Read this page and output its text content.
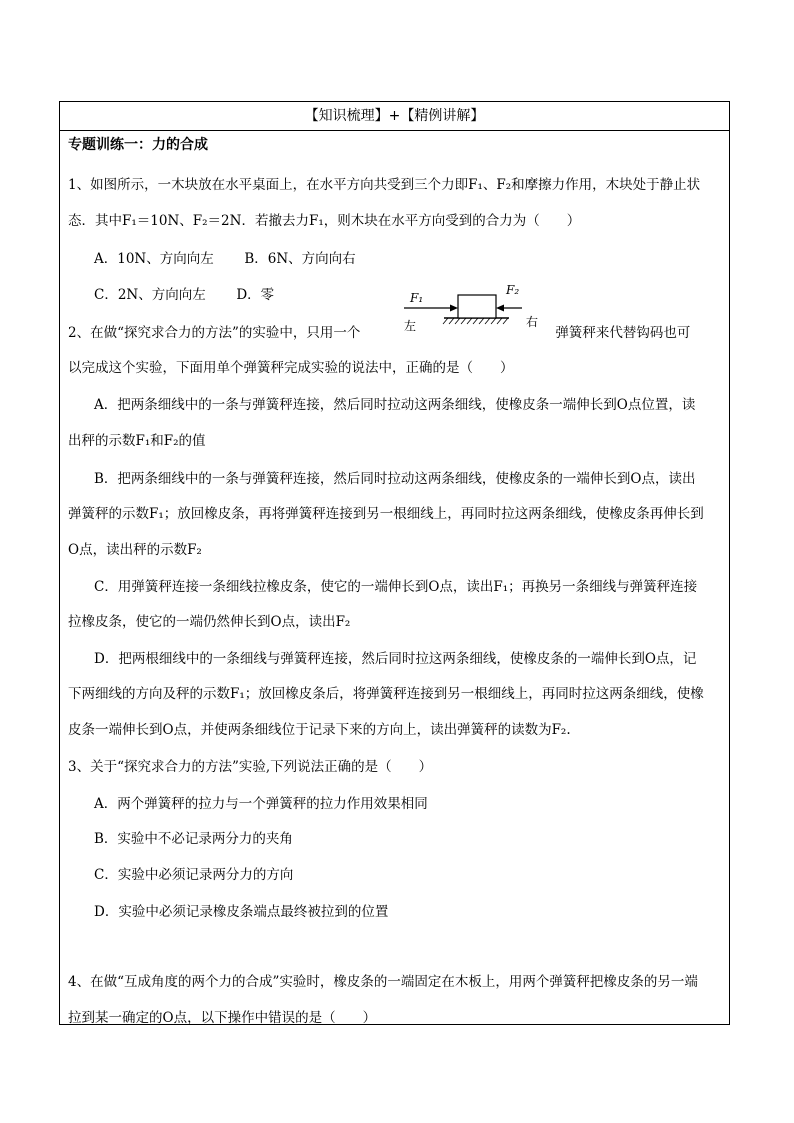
【知识梳理】+【精例讲解】
专题训练一：力的合成
1、如图所示，一木块放在水平桌面上，在水平方向共受到三个力即F₁、F₂和摩擦力作用，木块处于静止状
态．其中F₁＝10N、F₂＝2N．若撤去力F₁，则木块在水平方向受到的合力为（　　）
A．10N、方向向左 B．6N、方向向右
C．2N、方向向左 D．零	F₁
F₂
左	右
2、在做“探究求合力的方法”的实验中，只用一个	弹簧秤来代替钩码也可
以完成这个实验，下面用单个弹簧秤完成实验的说法中，正确的是（　　）
A．把两条细线中的一条与弹簧秤连接，然后同时拉动这两条细线，使橡皮条一端伸长到O点位置，读
出秤的示数F₁和F₂的值
B．把两条细线中的一条与弹簧秤连接，然后同时拉动这两条细线，使橡皮条的一端伸长到O点，读出
弹簧秤的示数F₁；放回橡皮条，再将弹簧秤连接到另一根细线上，再同时拉这两条细线，使橡皮条再伸长到
O点，读出秤的示数F₂
C．用弹簧秤连接一条细线拉橡皮条，使它的一端伸长到O点，读出F₁；再换另一条细线与弹簧秤连接
拉橡皮条，使它的一端仍然伸长到O点，读出F₂
D．把两根细线中的一条细线与弹簧秤连接，然后同时拉这两条细线，使橡皮条的一端伸长到O点，记
下两细线的方向及秤的示数F₁；放回橡皮条后，将弹簧秤连接到另一根细线上，再同时拉这两条细线，使橡
皮条一端伸长到O点，并使两条细线位于记录下来的方向上，读出弹簧秤的读数为F₂.
3、关于“探究求合力的方法”实验,下列说法正确的是（　　）
A．两个弹簧秤的拉力与一个弹簧秤的拉力作用效果相同
B．实验中不必记录两分力的夹角
C．实验中必须记录两分力的方向
D．实验中必须记录橡皮条端点最终被拉到的位置
4、在做“互成角度的两个力的合成”实验时，橡皮条的一端固定在木板上，用两个弹簧秤把橡皮条的另一端
拉到某一确定的O点，以下操作中错误的是（　　）
